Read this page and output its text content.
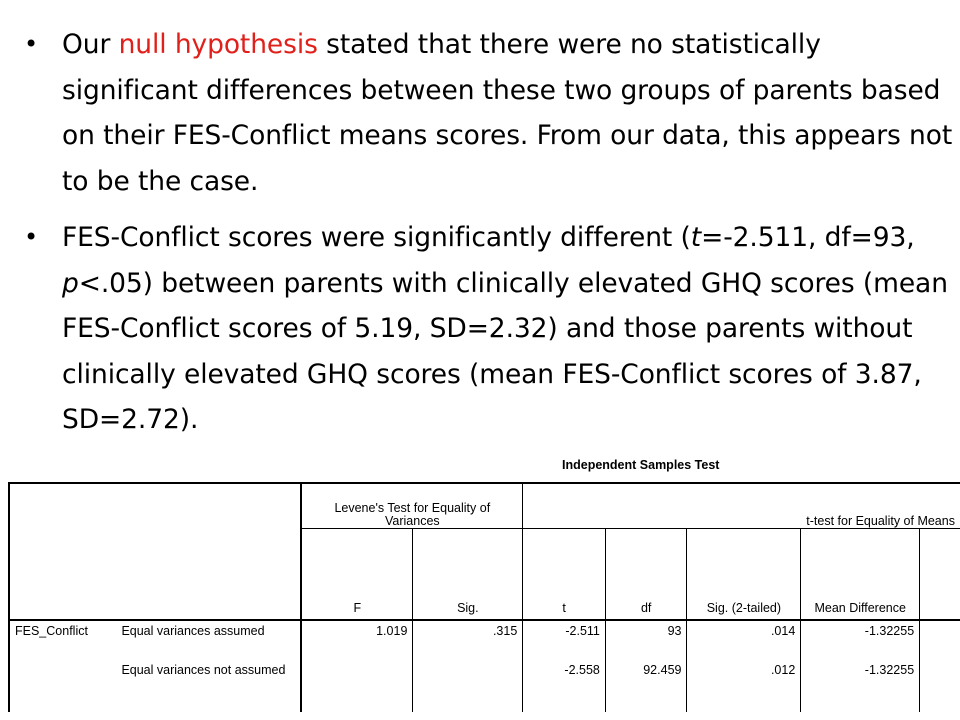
• Our null hypothesis stated that there were no statistically significant differences between these two groups of parents based on their FES-Conflict means scores. From our data, this appears not to be the case.
• FES-Conflict scores were significantly different (t=-2.511, df=93, p<.05) between parents with clinically elevated GHQ scores (mean FES-Conflict scores of 5.19, SD=2.32) and those parents without clinically elevated GHQ scores (mean FES-Conflict scores of 3.87, SD=2.72).
Independent Samples Test
		Levene's Test for Equality of Variances		t-test for Equality of Means				
		F	Sig.	t	df	Sig. (2-tailed)	Mean Difference	
FES_Conflict	Equal variances assumed	1.019	.315	-2.511	93	.014	-1.32255	
	Equal variances not assumed			-2.558	92.459	.012	-1.32255	
